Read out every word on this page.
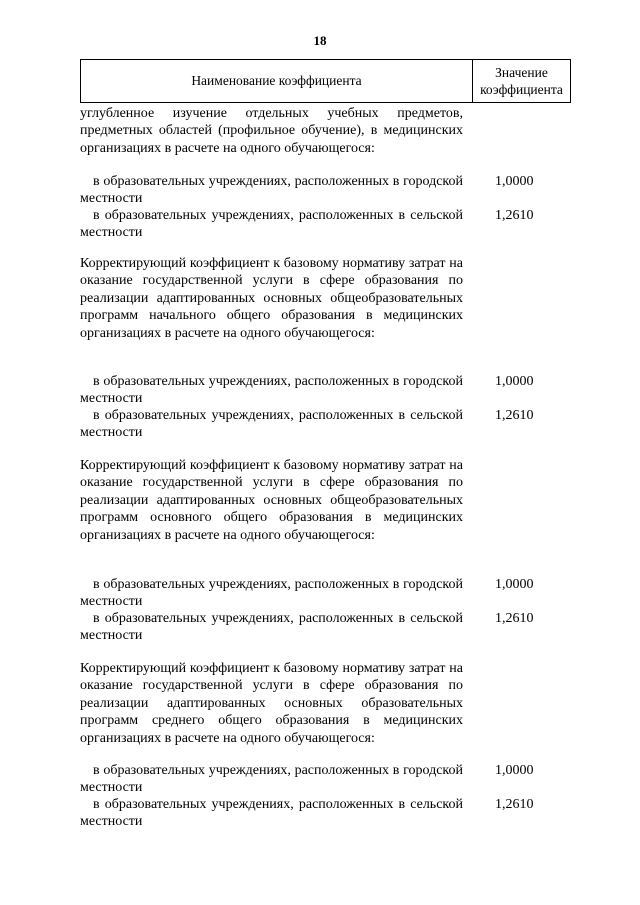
18
Наименование коэффициента
Значение
коэффициента
углубленное изучение отдельных учебных предметов, предметных областей (профильное обучение), в медицинских организациях в расчете на одного обучающегося:
в образовательных учреждениях, расположенных в городской местности
1,0000
в образовательных учреждениях, расположенных в сельской местности
1,2610
Корректирующий коэффициент к базовому нормативу затрат на оказание государственной услуги в сфере образования по реализации адаптированных основных общеобразовательных программ начального общего образования в медицинских организациях в расчете на одного обучающегося:
в образовательных учреждениях, расположенных в городской местности
1,0000
в образовательных учреждениях, расположенных в сельской местности
1,2610
Корректирующий коэффициент к базовому нормативу затрат на оказание государственной услуги в сфере образования по реализации адаптированных основных общеобразовательных программ основного общего образования в медицинских организациях в расчете на одного обучающегося:
в образовательных учреждениях, расположенных в городской местности
1,0000
в образовательных учреждениях, расположенных в сельской местности
1,2610
Корректирующий коэффициент к базовому нормативу затрат на оказание государственной услуги в сфере образования по реализации адаптированных основных образовательных программ среднего общего образования в медицинских организациях в расчете на одного обучающегося:
в образовательных учреждениях, расположенных в городской местности
1,0000
в образовательных учреждениях, расположенных в сельской местности
1,2610
